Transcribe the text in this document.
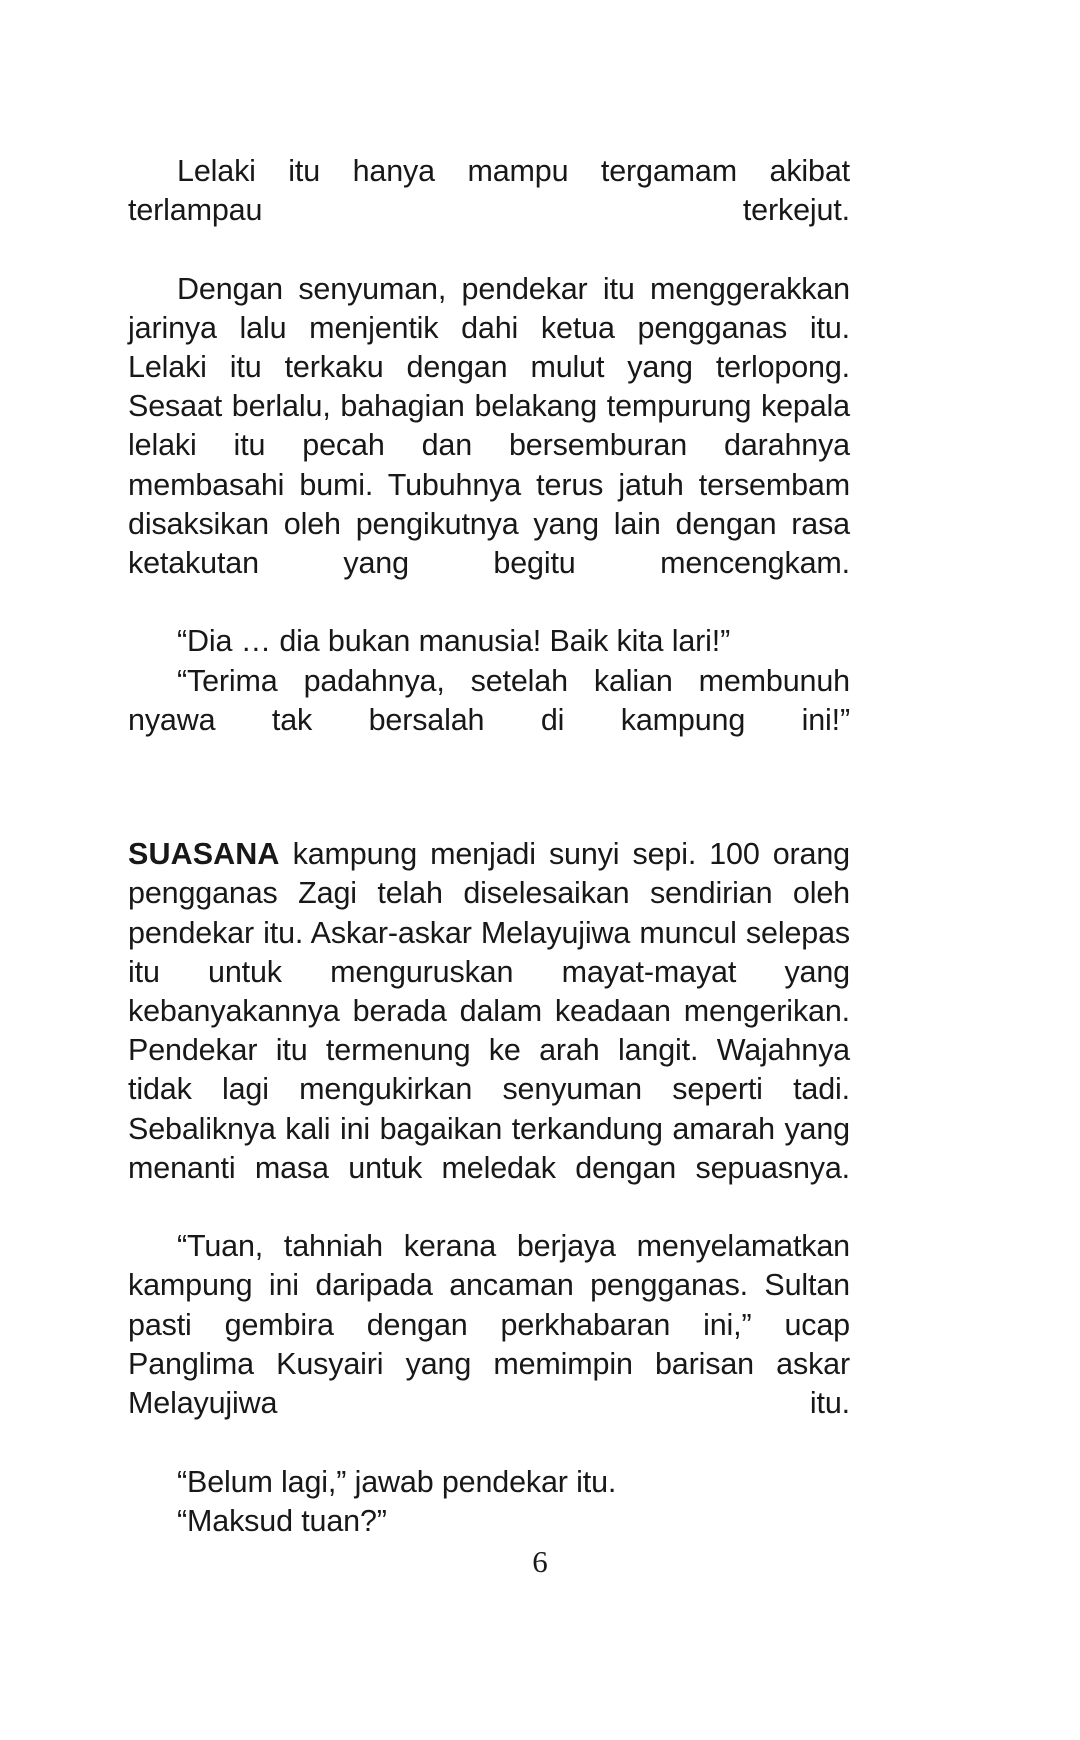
Lelaki itu hanya mampu tergamam akibat terlampau terkejut.

Dengan senyuman, pendekar itu menggerakkan jarinya lalu menjentik dahi ketua pengganas itu. Lelaki itu terkaku dengan mulut yang terlopong. Sesaat berlalu, bahagian belakang tempurung kepala lelaki itu pecah dan bersemburan darahnya membasahi bumi. Tubuhnya terus jatuh tersembam disaksikan oleh pengikutnya yang lain dengan rasa ketakutan yang begitu mencengkam.

“Dia … dia bukan manusia! Baik kita lari!”

“Terima padahnya, setelah kalian membunuh nyawa tak bersalah di kampung ini!”

SUASANA kampung menjadi sunyi sepi. 100 orang pengganas Zagi telah diselesaikan sendirian oleh pendekar itu. Askar-askar Melayujiwa muncul selepas itu untuk menguruskan mayat-mayat yang kebanyakannya berada dalam keadaan mengerikan. Pendekar itu termenung ke arah langit. Wajahnya tidak lagi mengukirkan senyuman seperti tadi. Sebaliknya kali ini bagaikan terkandung amarah yang menanti masa untuk meledak dengan sepuasnya.

“Tuan, tahniah kerana berjaya menyelamatkan kampung ini daripada ancaman pengganas. Sultan pasti gembira dengan perkhabaran ini,” ucap Panglima Kusyairi yang memimpin barisan askar Melayujiwa itu.

“Belum lagi,” jawab pendekar itu.

“Maksud tuan?”

6
